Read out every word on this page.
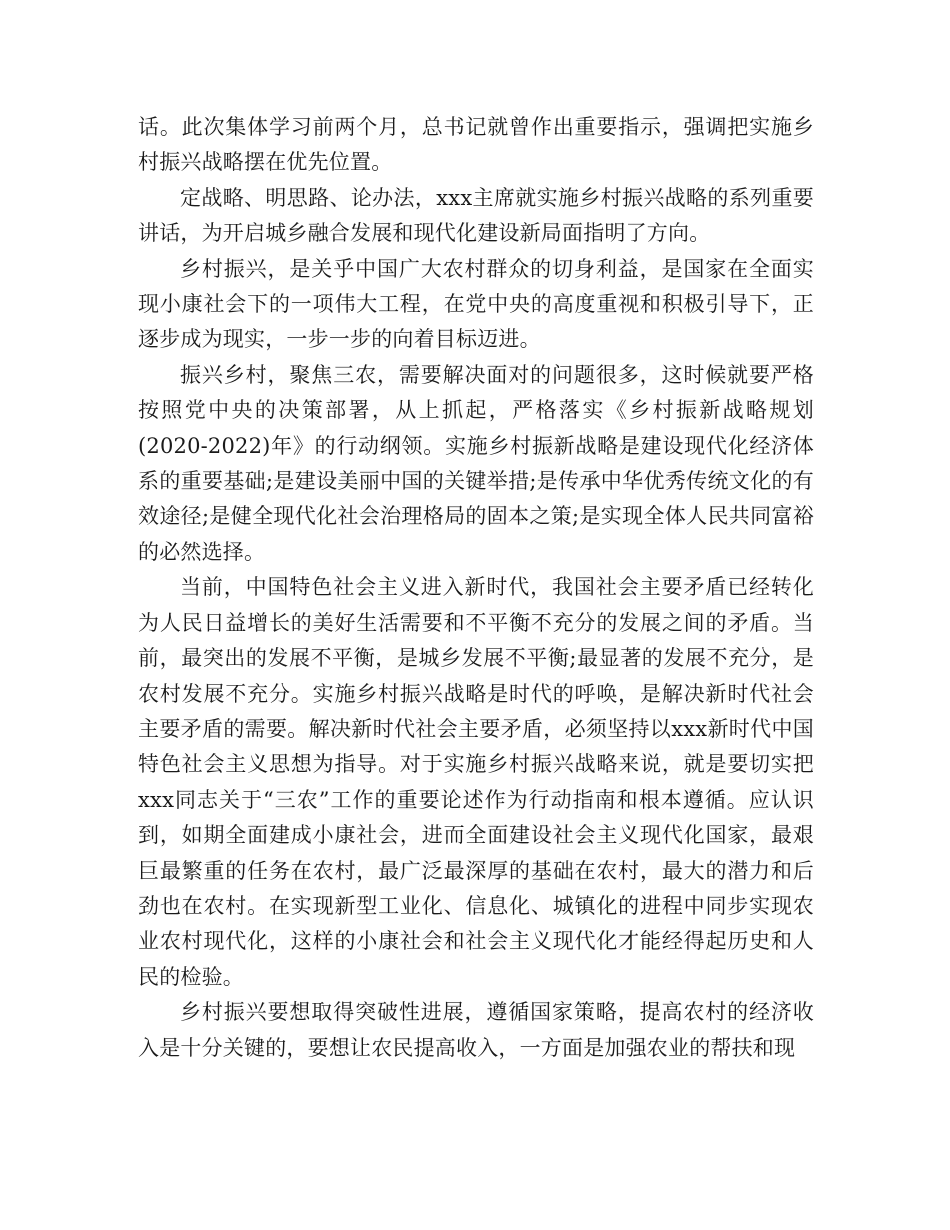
话。此次集体学习前两个月，总书记就曾作出重要指示，强调把实施乡村振兴战略摆在优先位置。

定战略、明思路、论办法，xxx主席就实施乡村振兴战略的系列重要讲话，为开启城乡融合发展和现代化建设新局面指明了方向。

乡村振兴，是关乎中国广大农村群众的切身利益，是国家在全面实现小康社会下的一项伟大工程，在党中央的高度重视和积极引导下，正逐步成为现实，一步一步的向着目标迈进。

振兴乡村，聚焦三农，需要解决面对的问题很多，这时候就要严格按照党中央的决策部署，从上抓起，严格落实《乡村振新战略规划(2020-2022)年》的行动纲领。实施乡村振新战略是建设现代化经济体系的重要基础;是建设美丽中国的关键举措;是传承中华优秀传统文化的有效途径;是健全现代化社会治理格局的固本之策;是实现全体人民共同富裕的必然选择。

当前，中国特色社会主义进入新时代，我国社会主要矛盾已经转化为人民日益增长的美好生活需要和不平衡不充分的发展之间的矛盾。当前，最突出的发展不平衡，是城乡发展不平衡;最显著的发展不充分，是农村发展不充分。实施乡村振兴战略是时代的呼唤，是解决新时代社会主要矛盾的需要。解决新时代社会主要矛盾，必须坚持以xxx新时代中国特色社会主义思想为指导。对于实施乡村振兴战略来说，就是要切实把xxx同志关于“三农”工作的重要论述作为行动指南和根本遵循。应认识到，如期全面建成小康社会，进而全面建设社会主义现代化国家，最艰巨最繁重的任务在农村，最广泛最深厚的基础在农村，最大的潜力和后劲也在农村。在实现新型工业化、信息化、城镇化的进程中同步实现农业农村现代化，这样的小康社会和社会主义现代化才能经得起历史和人民的检验。

乡村振兴要想取得突破性进展，遵循国家策略，提高农村的经济收入是十分关键的，要想让农民提高收入，一方面是加强农业的帮扶和现
